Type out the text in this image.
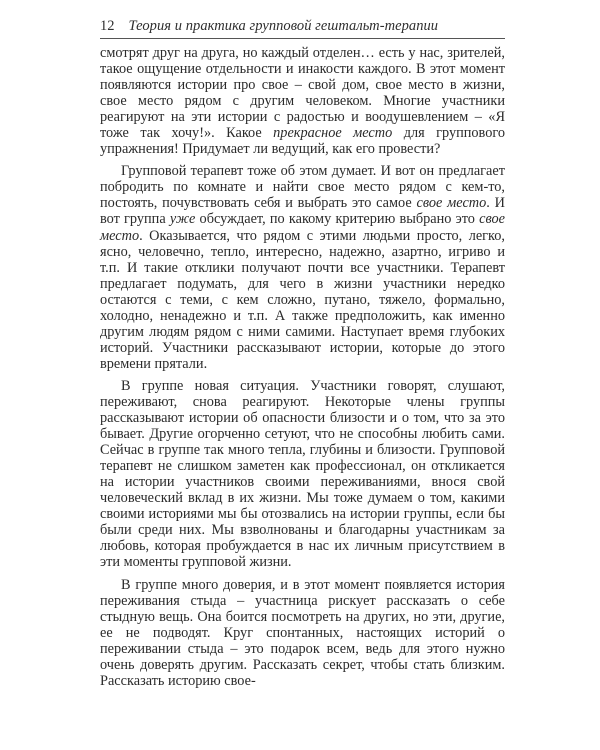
12 Теория и практика групповой гештальт-терапии

смотрят друг на друга, но каждый отделен… есть у нас, зрителей, такое ощущение отдельности и инакости каждого. В этот момент появляются истории про свое – свой дом, свое место в жизни, свое место рядом с другим человеком. Многие участники реагируют на эти истории с радостью и воодушевлением – «Я тоже так хочу!». Какое прекрасное место для группового упражнения! Придумает ли ведущий, как его провести?

Групповой терапевт тоже об этом думает. И вот он предлагает побродить по комнате и найти свое место рядом с кем-то, постоять, почувствовать себя и выбрать это самое свое место. И вот группа уже обсуждает, по какому критерию выбрано это свое место. Оказывается, что рядом с этими людьми просто, легко, ясно, человечно, тепло, интересно, надежно, азартно, игриво и т.п. И такие отклики получают почти все участники. Терапевт предлагает подумать, для чего в жизни участники нередко остаются с теми, с кем сложно, путано, тяжело, формально, холодно, ненадежно и т.п. А также предположить, как именно другим людям рядом с ними самими. Наступает время глубоких историй. Участники рассказывают истории, которые до этого времени прятали.

В группе новая ситуация. Участники говорят, слушают, переживают, снова реагируют. Некоторые члены группы рассказывают истории об опасности близости и о том, что за это бывает. Другие огорченно сетуют, что не способны любить сами. Сейчас в группе так много тепла, глубины и близости. Групповой терапевт не слишком заметен как профессионал, он откликается на истории участников своими переживаниями, внося свой человеческий вклад в их жизни. Мы тоже думаем о том, какими своими историями мы бы отозвались на истории группы, если бы были среди них. Мы взволнованы и благодарны участникам за любовь, которая пробуждается в нас их личным присутствием в эти моменты групповой жизни.

В группе много доверия, и в этот момент появляется история переживания стыда – участница рискует рассказать о себе стыдную вещь. Она боится посмотреть на других, но эти, другие, ее не подводят. Круг спонтанных, настоящих историй о переживании стыда – это подарок всем, ведь для этого нужно очень доверять другим. Рассказать секрет, чтобы стать близким. Рассказать историю свое-
